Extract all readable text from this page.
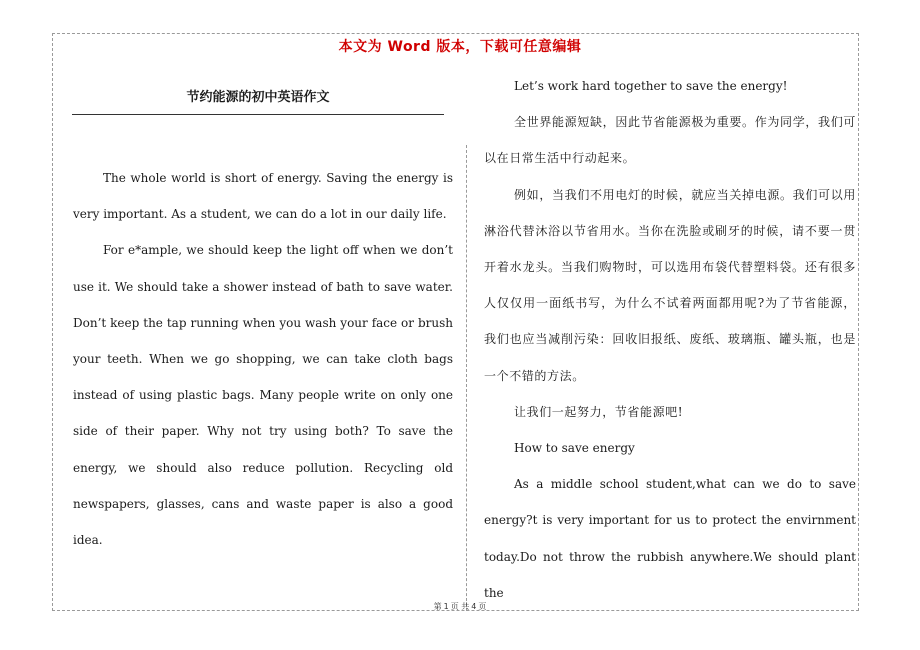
本文为 Word 版本，下载可任意编辑
节约能源的初中英语作文

The whole world is short of energy. Saving the energy is very important. As a student, we can do a lot in our daily life.

For e*ample, we should keep the light off when we don’t use it. We should take a shower instead of bath to save water. Don’t keep the tap running when you wash your face or brush your teeth. When we go shopping, we can take cloth bags instead of using plastic bags. Many people write on only one side of their paper. Why not try using both? To save the energy, we should also reduce pollution. Recycling old newspapers, glasses, cans and waste paper is also a good idea.

Let’s work hard together to save the energy!

全世界能源短缺，因此节省能源极为重要。作为同学，我们可以在日常生活中行动起来。

例如，当我们不用电灯的时候，就应当关掉电源。我们可以用淋浴代替沐浴以节省用水。当你在洗脸或刷牙的时候，请不要一贯开着水龙头。当我们购物时，可以选用布袋代替塑料袋。还有很多人仅仅用一面纸书写，为什么不试着两面都用呢?为了节省能源，我们也应当减削污染：回收旧报纸、废纸、玻璃瓶、罐头瓶，也是一个不错的方法。

让我们一起努力，节省能源吧!

How to save energy

As a middle school student,what can we do to save energy?t is very important for us to protect the envirnment today.Do not throw the rubbish anywhere.We should plant the

第 1 页 共 4 页
